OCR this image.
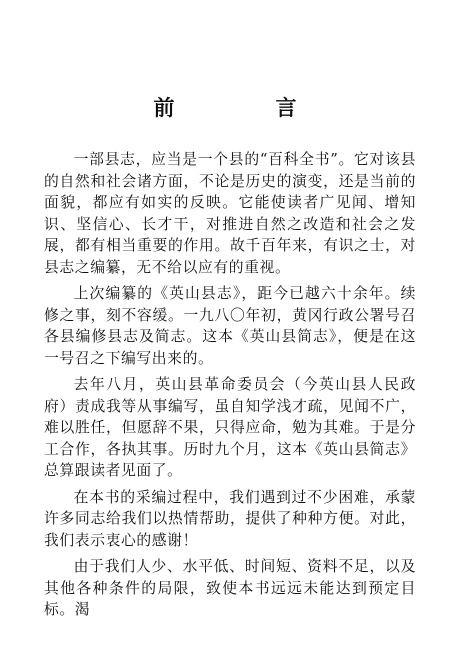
前　言

一部县志，应当是一个县的“百科全书”。它对该县的自然和社会诸方面，不论是历史的演变，还是当前的面貌，都应有如实的反映。它能使读者广见闻、增知识、坚信心、长才干，对推进自然之改造和社会之发展，都有相当重要的作用。故千百年来，有识之士，对县志之编纂，无不给以应有的重视。

上次编纂的《英山县志》，距今已越六十余年。续修之事，刻不容缓。一九八〇年初，黄冈行政公署号召各县编修县志及简志。这本《英山县简志》，便是在这一号召之下编写出来的。

去年八月，英山县革命委员会（今英山县人民政府）责成我等从事编写，虽自知学浅才疏，见闻不广，难以胜任，但愿辞不果，只得应命，勉为其难。于是分工合作，各执其事。历时九个月，这本《英山县简志》总算跟读者见面了。

在本书的采编过程中，我们遇到过不少困难，承蒙许多同志给我们以热情帮助，提供了种种方便。对此，我们表示衷心的感谢！

由于我们人少、水平低、时间短、资料不足，以及其他各种条件的局限，致使本书远远未能达到预定目标。渴
